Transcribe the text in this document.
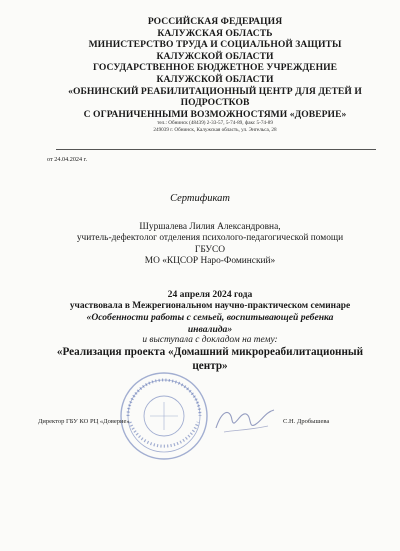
РОССИЙСКАЯ ФЕДЕРАЦИЯ
КАЛУЖСКАЯ ОБЛАСТЬ
МИНИСТЕРСТВО ТРУДА И СОЦИАЛЬНОЙ ЗАЩИТЫ
КАЛУЖСКОЙ ОБЛАСТИ
ГОСУДАРСТВЕННОЕ БЮДЖЕТНОЕ УЧРЕЖДЕНИЕ
КАЛУЖСКОЙ ОБЛАСТИ
«ОБНИНСКИЙ РЕАБИЛИТАЦИОННЫЙ ЦЕНТР ДЛЯ ДЕТЕЙ И
ПОДРОСТКОВ
С ОГРАНИЧЕННЫМИ ВОЗМОЖНОСТЯМИ «ДОВЕРИЕ»
тел.: Обнинск (48439) 2-33-57, 5-74-89, факс 5-74-89
249039 г. Обнинск, Калужская область, ул. Энгельса, 28
от 24.04.2024 г.
Сертификат
Шуршалева Лилия Александровна,
учитель-дефектолог отделения психолого-педагогической помощи
ГБУСО
МО «КЦСОР Наро-Фоминский»
24 апреля 2024 года
участвовала в Межрегиональном научно-практическом семинаре
«Особенности работы с семьей, воспитывающей ребенка
инвалида»
и выступала с докладом на тему:
«Реализация проекта «Домашний микрореабилитационный
центр»
Директор ГБУ КО РЦ «Доверие»	С.Н. Дробышева
